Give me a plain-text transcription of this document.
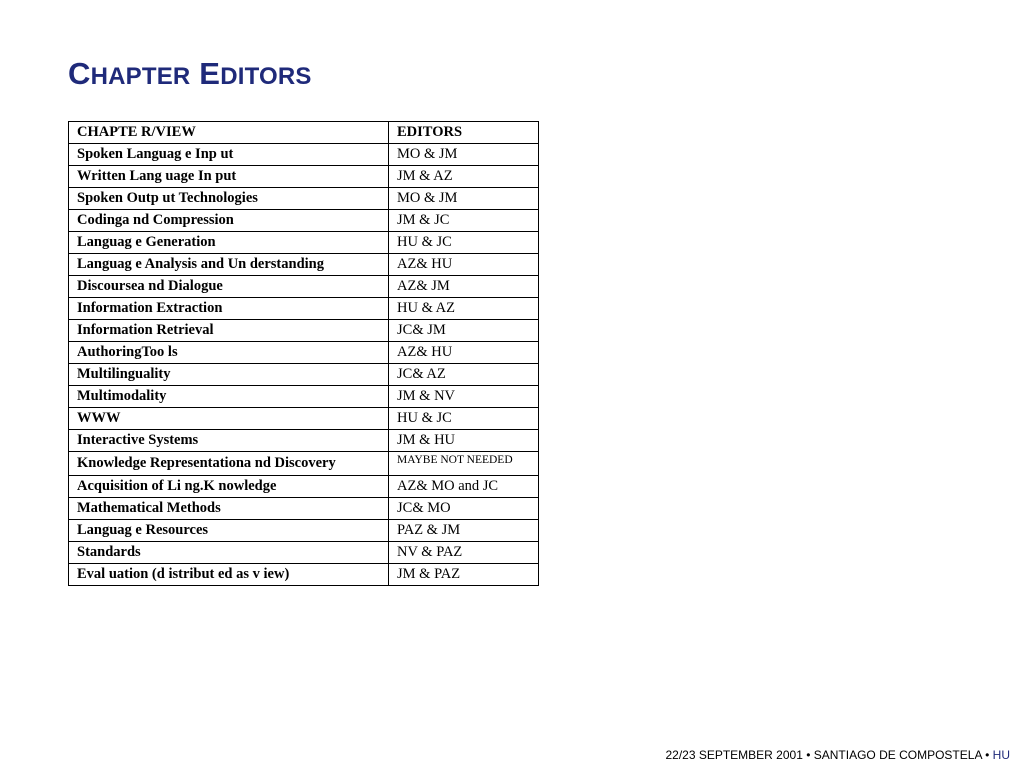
CHAPTER EDITORS
CHAPTE R/VIEW	EDITORS
Spoken Languag e Inp ut	MO & JM
Written Lang uage In put	JM & AZ
Spoken Outp ut Technologies	MO & JM
Codinga nd Compression	JM & JC
Languag e Generation	HU & JC
Languag e Analysis and Un derstanding	AZ& HU
Discoursea nd Dialogue	AZ& JM
Information Extraction	HU & AZ
Information Retrieval	JC& JM
AuthoringToo ls	AZ& HU
Multilinguality	JC& AZ
Multimodality	JM & NV
WWW	HU & JC
Interactive Systems	JM & HU
Knowledge Representationa nd Discovery	MAYBE NOT NEEDED
Acquisition of Li ng.K nowledge	AZ& MO and JC
Mathematical Methods	JC& MO
Languag e Resources	PAZ & JM
Standards	NV & PAZ
Eval uation (d istribut ed as v iew)	JM & PAZ
22/23 SEPTEMBER 2001 • SANTIAGO DE COMPOSTELA • HU
